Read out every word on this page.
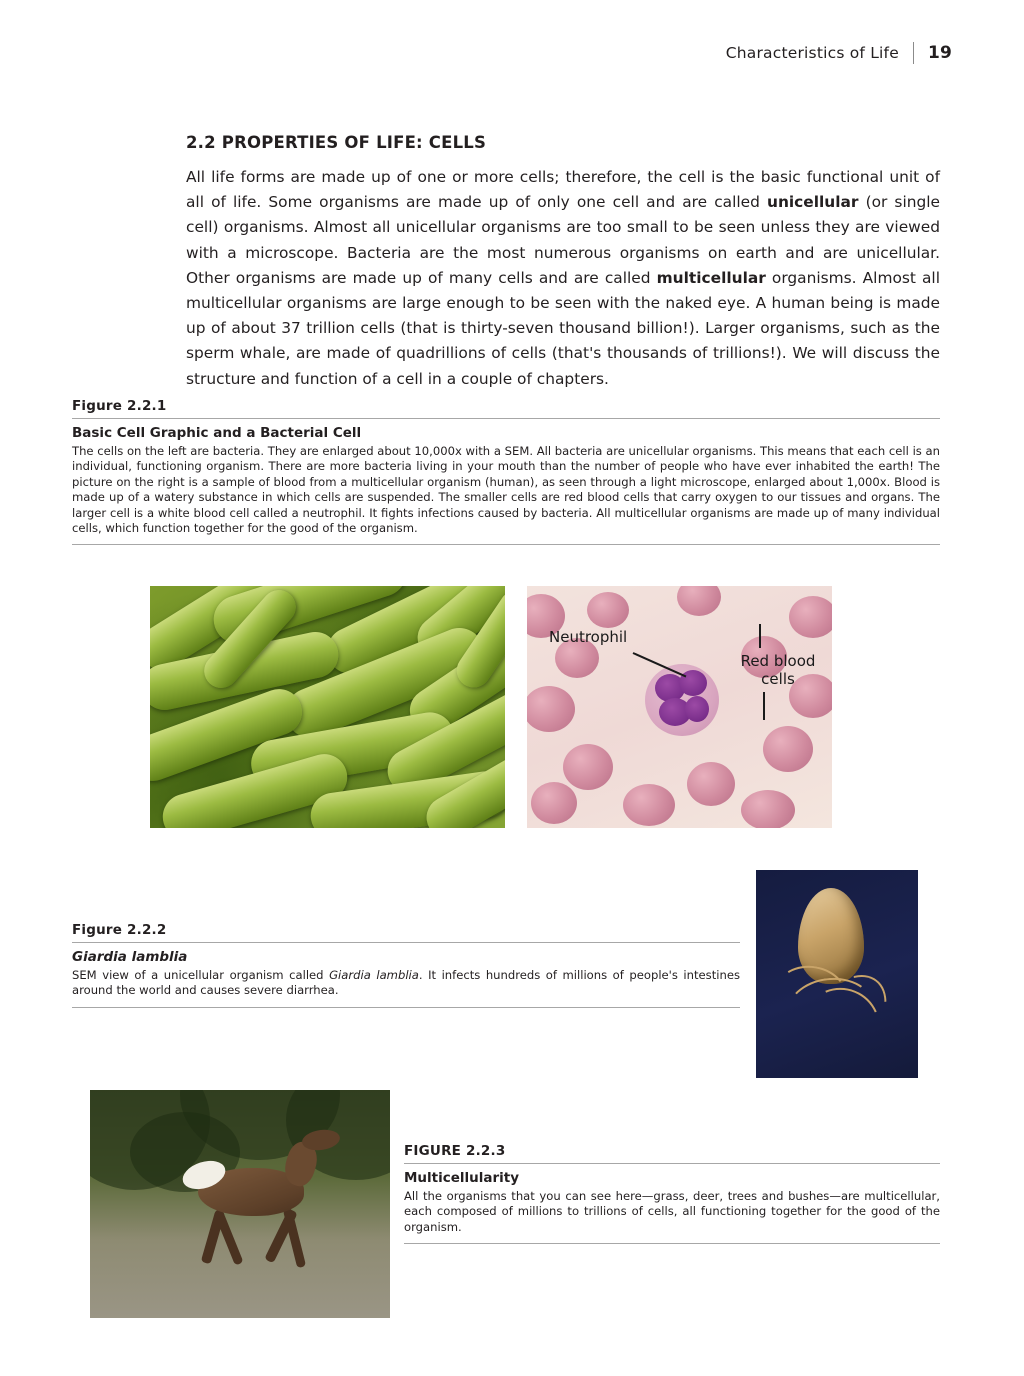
Characteristics of Life 19
2.2 PROPERTIES OF LIFE: CELLS
All life forms are made up of one or more cells; therefore, the cell is the basic functional unit of all of life. Some organisms are made up of only one cell and are called unicellular (or single cell) organisms. Almost all unicellular organisms are too small to be seen unless they are viewed with a microscope. Bacteria are the most numerous organisms on earth and are unicellular. Other organisms are made up of many cells and are called multicellular organisms. Almost all multicellular organisms are large enough to be seen with the naked eye. A human being is made up of about 37 trillion cells (that is thirty-seven thousand billion!). Larger organisms, such as the sperm whale, are made of quadrillions of cells (that's thousands of trillions!). We will discuss the structure and function of a cell in a couple of chapters.
Figure 2.2.1
Basic Cell Graphic and a Bacterial Cell
The cells on the left are bacteria. They are enlarged about 10,000x with a SEM. All bacteria are unicellular organisms. This means that each cell is an individual, functioning organism. There are more bacteria living in your mouth than the number of people who have ever inhabited the earth! The picture on the right is a sample of blood from a multicellular organism (human), as seen through a light microscope, enlarged about 1,000x. Blood is made up of a watery substance in which cells are suspended. The smaller cells are red blood cells that carry oxygen to our tissues and organs. The larger cell is a white blood cell called a neutrophil. It fights infections caused by bacteria. All multicellular organisms are made up of many individual cells, which function together for the good of the organism.
Neutrophil
Red blood
cells
Figure 2.2.2
Giardia lamblia
SEM view of a unicellular organism called Giardia lamblia. It infects hundreds of millions of people's intestines around the world and causes severe diarrhea.
FIGURE 2.2.3
Multicellularity
All the organisms that you can see here—grass, deer, trees and bushes—are multicellular, each composed of millions to trillions of cells, all functioning together for the good of the organism.
